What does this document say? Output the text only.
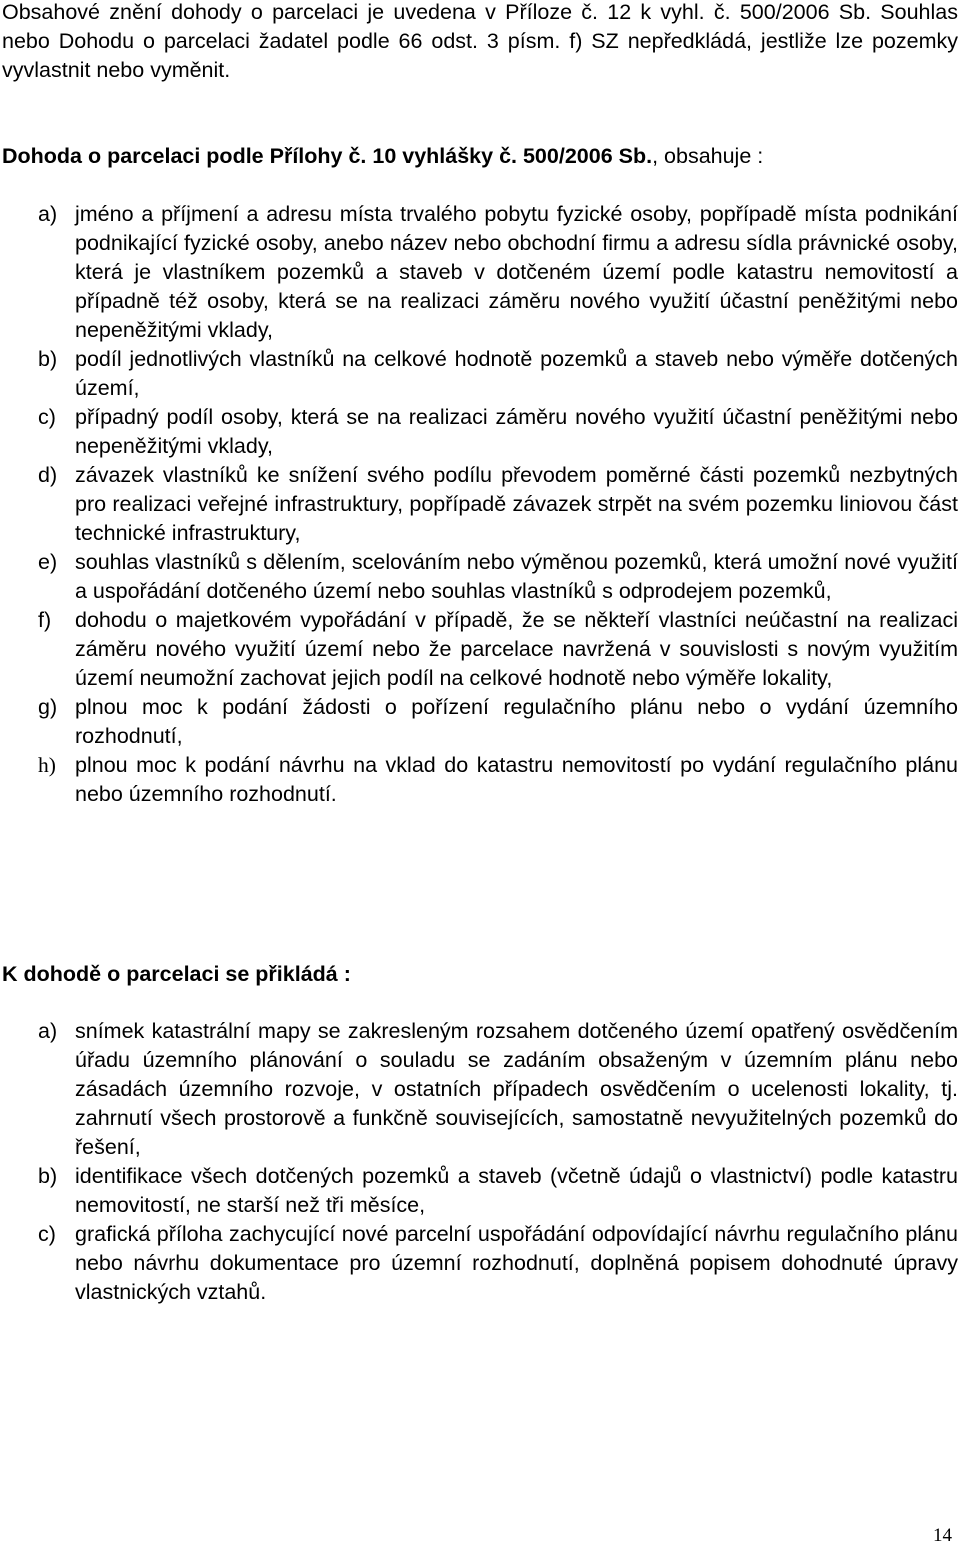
Obsahové znění dohody o parcelaci je uvedena v Příloze č. 12 k vyhl. č. 500/2006 Sb. Souhlas nebo Dohodu o parcelaci žadatel podle 66 odst. 3 písm. f) SZ nepředkládá, jestliže lze pozemky vyvlastnit nebo vyměnit.

Dohoda o parcelaci podle Přílohy č. 10 vyhlášky č. 500/2006 Sb., obsahuje :

a) jméno a příjmení a adresu místa trvalého pobytu fyzické osoby, popřípadě místa podnikání podnikající fyzické osoby, anebo název nebo obchodní firmu a adresu sídla právnické osoby, která je vlastníkem pozemků a staveb v dotčeném území podle katastru nemovitostí a případně též osoby, která se na realizaci záměru nového využití účastní peněžitými nebo nepeněžitými vklady,
b) podíl jednotlivých vlastníků na celkové hodnotě pozemků a staveb nebo výměře dotčených území,
c) případný podíl osoby, která se na realizaci záměru nového využití účastní peněžitými nebo nepeněžitými vklady,
d) závazek vlastníků ke snížení svého podílu převodem poměrné části pozemků nezbytných pro realizaci veřejné infrastruktury, popřípadě závazek strpět na svém pozemku liniovou část technické infrastruktury,
e) souhlas vlastníků s dělením, scelováním nebo výměnou pozemků, která umožní nové využití a uspořádání dotčeného území nebo souhlas vlastníků s odprodejem pozemků,
f) dohodu o majetkovém vypořádání v případě, že se někteří vlastníci neúčastní na realizaci záměru nového využití území nebo že parcelace navržená v souvislosti s novým využitím území neumožní zachovat jejich podíl na celkové hodnotě nebo výměře lokality,
g) plnou moc k podání žádosti o pořízení regulačního plánu nebo o vydání územního rozhodnutí,
h) plnou moc k podání návrhu na vklad do katastru nemovitostí po vydání regulačního plánu nebo územního rozhodnutí.

K dohodě o parcelaci se přikládá :

a) snímek katastrální mapy se zakresleným rozsahem dotčeného území opatřený osvědčením úřadu územního plánování o souladu se zadáním obsaženým v územním plánu nebo zásadách územního rozvoje, v ostatních případech osvědčením o ucelenosti lokality, tj. zahrnutí všech prostorově a funkčně souvisejících, samostatně nevyužitelných pozemků do řešení,
b) identifikace všech dotčených pozemků a staveb (včetně údajů o vlastnictví) podle katastru nemovitostí, ne starší než tři měsíce,
c) grafická příloha zachycující nové parcelní uspořádání odpovídající návrhu regulačního plánu nebo návrhu dokumentace pro územní rozhodnutí, doplněná popisem dohodnuté úpravy vlastnických vztahů.
14
